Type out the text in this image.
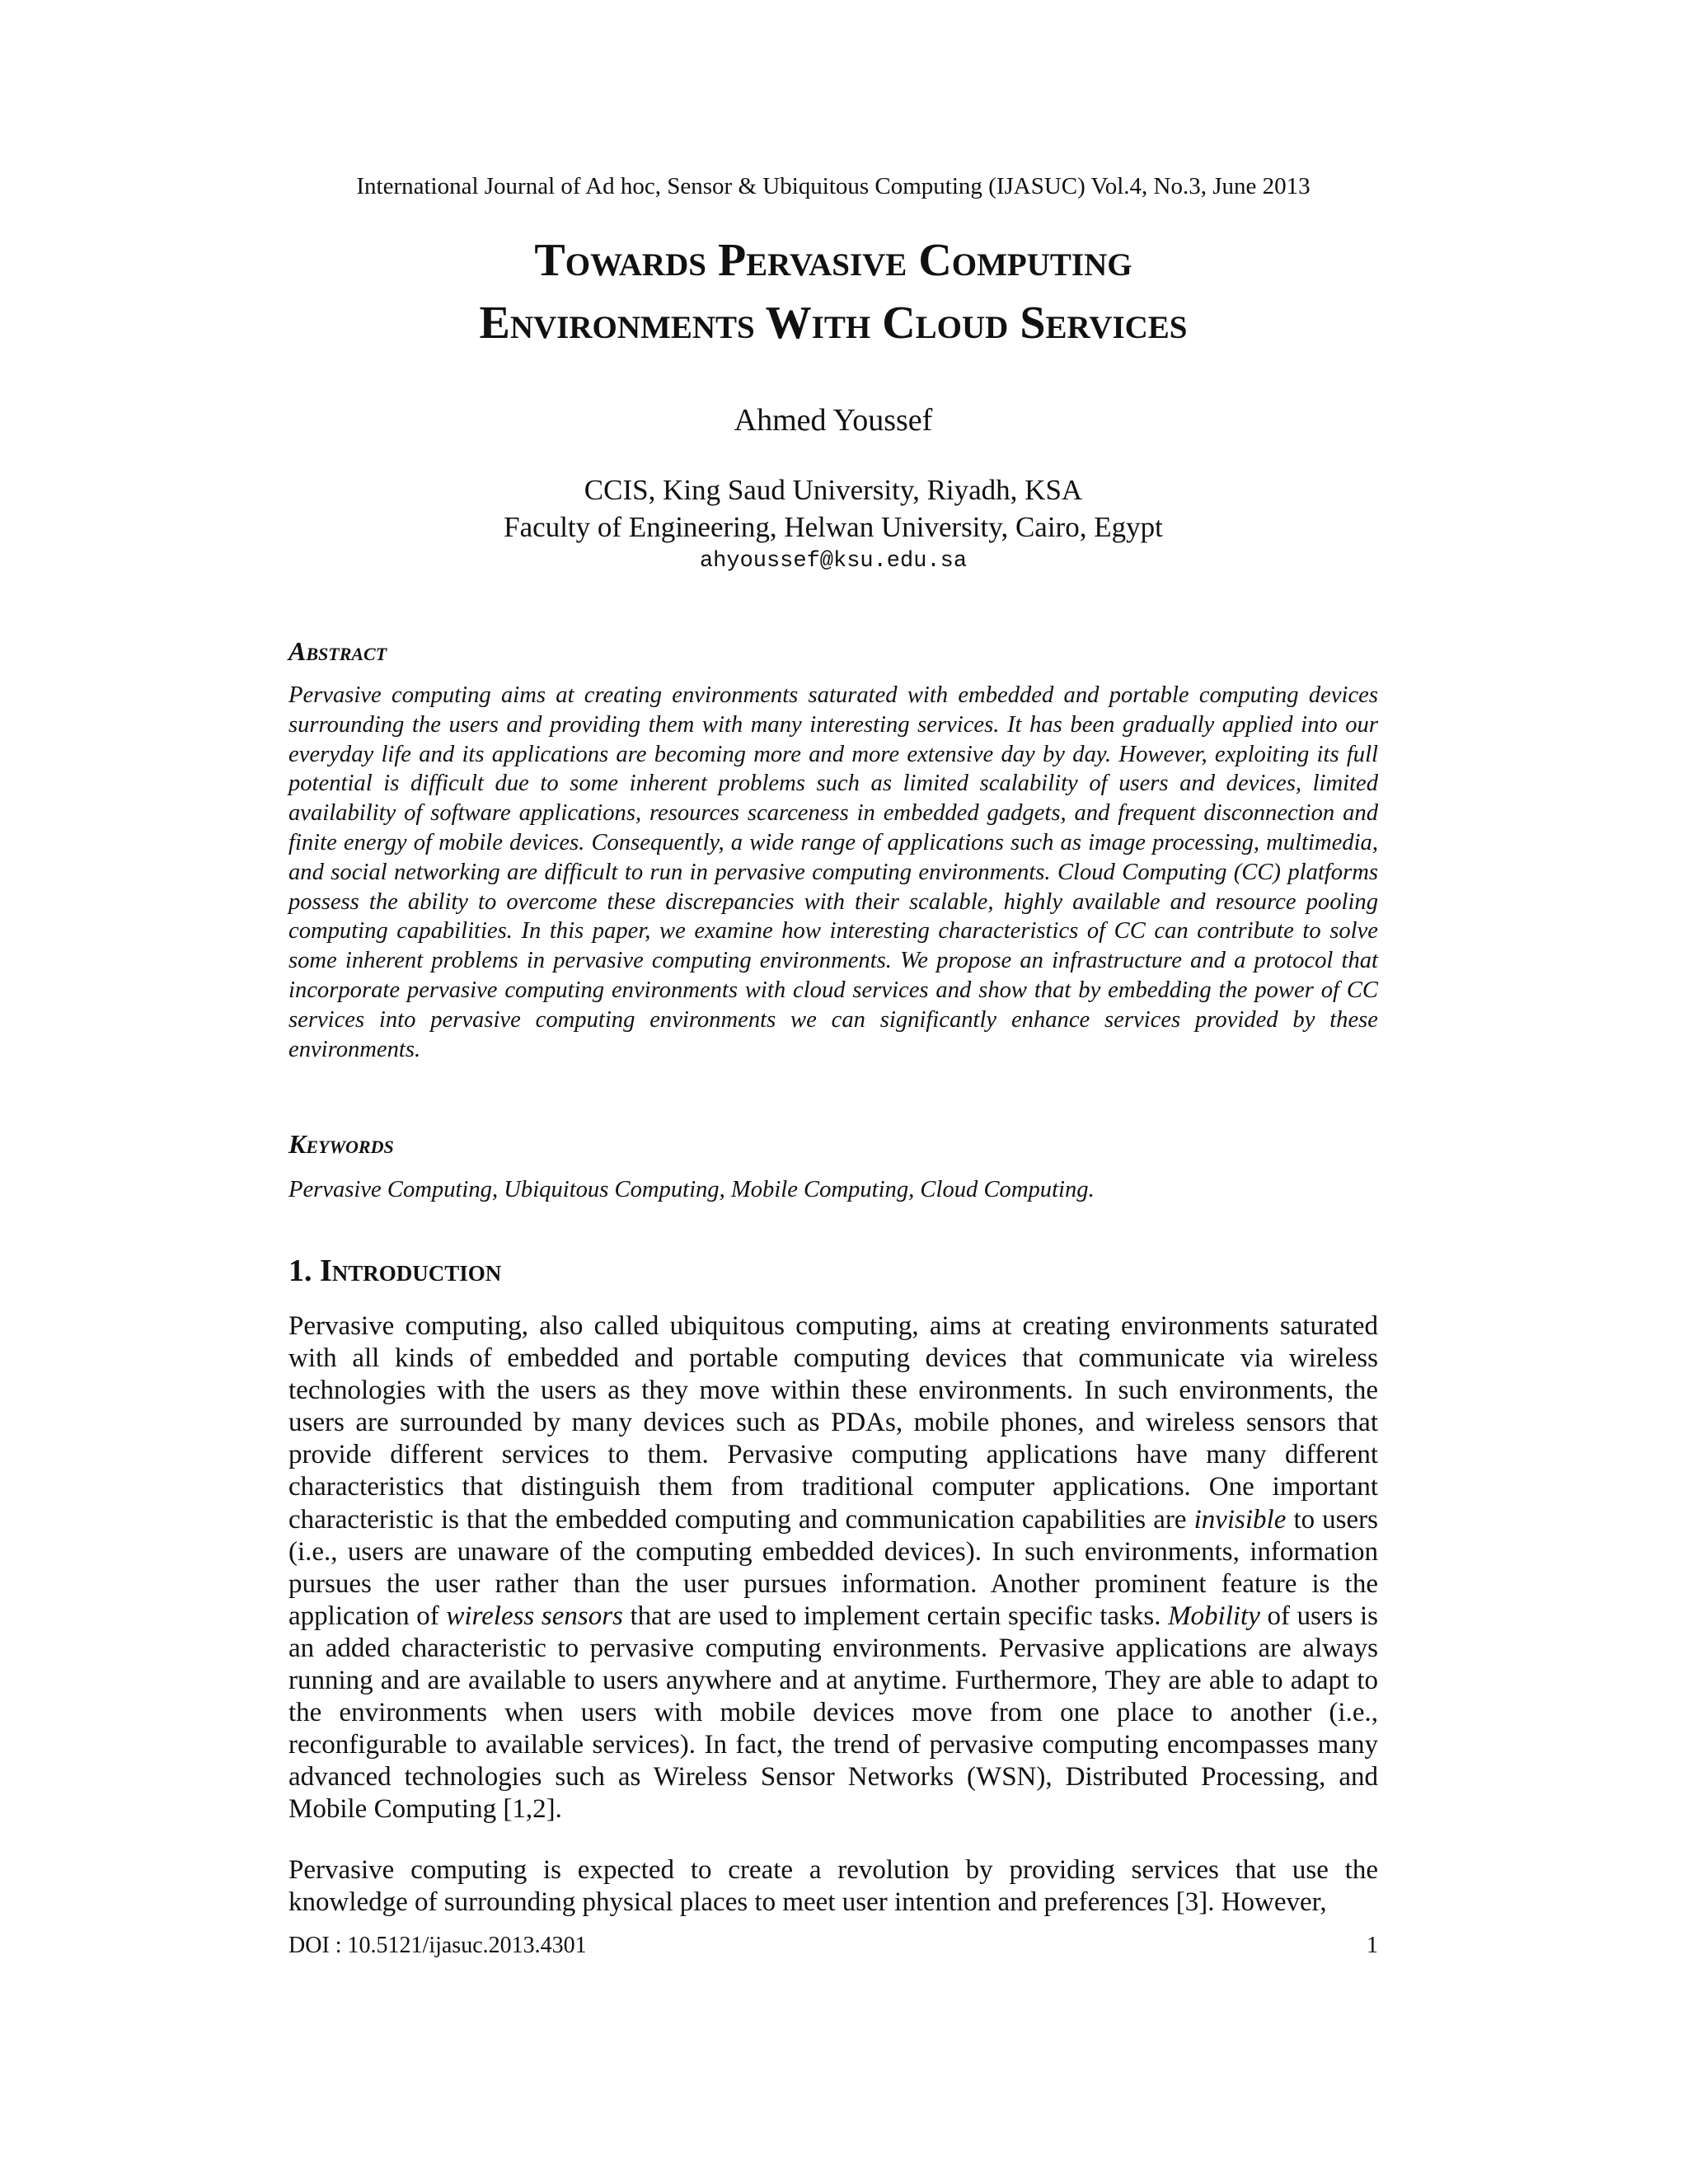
International Journal of Ad hoc, Sensor & Ubiquitous Computing (IJASUC) Vol.4, No.3, June 2013
Towards Pervasive Computing
Environments With Cloud Services
Ahmed Youssef
CCIS, King Saud University, Riyadh, KSA
Faculty of Engineering, Helwan University, Cairo, Egypt
ahyoussef@ksu.edu.sa
Abstract
Pervasive computing aims at creating environments saturated with embedded and portable computing devices surrounding the users and providing them with many interesting services. It has been gradually applied into our everyday life and its applications are becoming more and more extensive day by day. However, exploiting its full potential is difficult due to some inherent problems such as limited scalability of users and devices, limited availability of software applications, resources scarceness in embedded gadgets, and frequent disconnection and finite energy of mobile devices. Consequently, a wide range of applications such as image processing, multimedia, and social networking are difficult to run in pervasive computing environments. Cloud Computing (CC) platforms possess the ability to overcome these discrepancies with their scalable, highly available and resource pooling computing capabilities. In this paper, we examine how interesting characteristics of CC can contribute to solve some inherent problems in pervasive computing environments. We propose an infrastructure and a protocol that incorporate pervasive computing environments with cloud services and show that by embedding the power of CC services into pervasive computing environments we can significantly enhance services provided by these environments.
Keywords
Pervasive Computing, Ubiquitous Computing, Mobile Computing, Cloud Computing.
1. Introduction
Pervasive computing, also called ubiquitous computing, aims at creating environments saturated with all kinds of embedded and portable computing devices that communicate via wireless technologies with the users as they move within these environments. In such environments, the users are surrounded by many devices such as PDAs, mobile phones, and wireless sensors that provide different services to them. Pervasive computing applications have many different characteristics that distinguish them from traditional computer applications. One important characteristic is that the embedded computing and communication capabilities are invisible to users (i.e., users are unaware of the computing embedded devices). In such environments, information pursues the user rather than the user pursues information. Another prominent feature is the application of wireless sensors that are used to implement certain specific tasks. Mobility of users is an added characteristic to pervasive computing environments. Pervasive applications are always running and are available to users anywhere and at anytime. Furthermore, They are able to adapt to the environments when users with mobile devices move from one place to another (i.e., reconfigurable to available services). In fact, the trend of pervasive computing encompasses many advanced technologies such as Wireless Sensor Networks (WSN), Distributed Processing, and Mobile Computing [1,2].
Pervasive computing is expected to create a revolution by providing services that use the knowledge of surrounding physical places to meet user intention and preferences [3]. However,
DOI : 10.5121/ijasuc.2013.4301	1
